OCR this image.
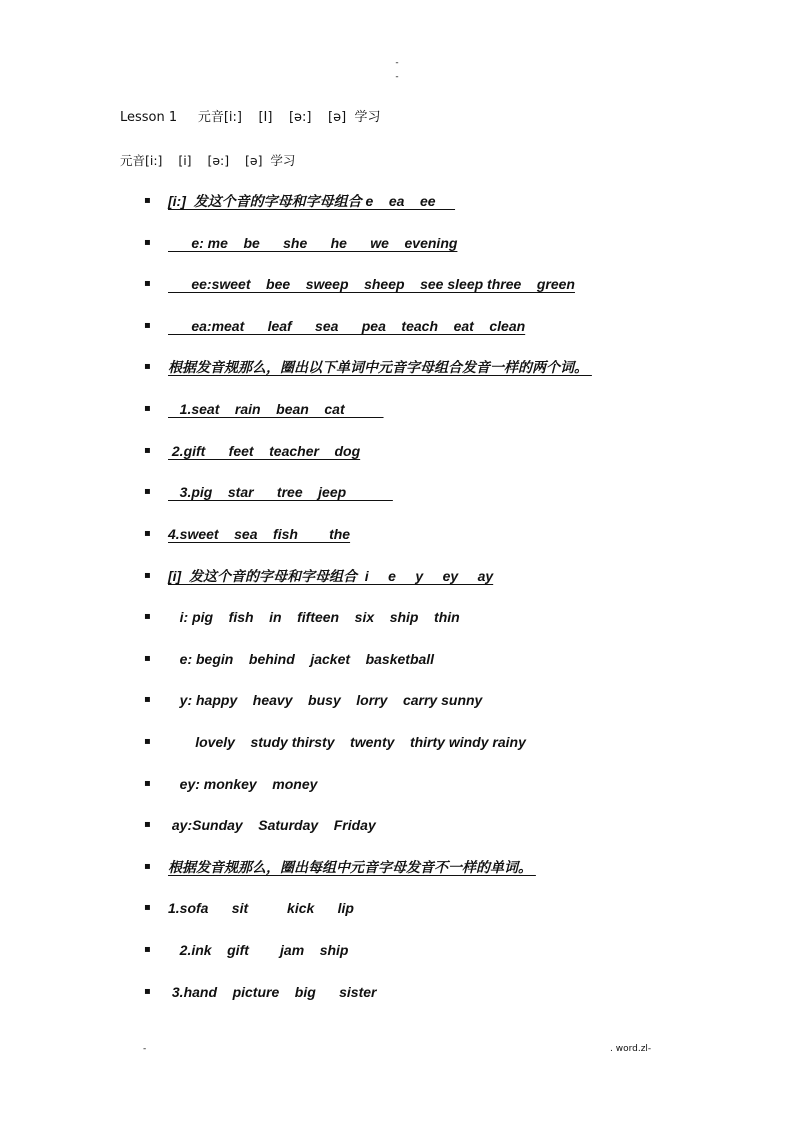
-
-
Lesson 1     元音[i:]    [I]    [ə:]    [ə]  学习
元音[i:]    [i]    [ə:]    [ə]  学习
▪	[i:]  发这个音的字母和字母组合 e    ea    ee
▪	e: me    be      she      he      we    evening
▪	ee:sweet    bee    sweep    sheep    see sleep three    green
▪	ea:meat      leaf      sea      pea    teach    eat    clean
▪	根据发音规那么，圈出以下单词中元音字母组合发音一样的两个词。
▪	1.seat    rain    bean    cat
▪	2.gift      feet    teacher    dog
▪	3.pig    star      tree    jeep
▪	4.sweet    sea    fish        the
▪	[i]  发这个音的字母和字母组合  i     e     y     ey     ay
▪	i: pig    fish    in    fifteen    six    ship    thin
▪	e: begin    behind    jacket    basketball
▪	y: happy    heavy    busy    lorry    carry sunny
▪	lovely    study thirsty    twenty    thirty windy rainy
▪	ey: monkey    money
▪	ay:Sunday    Saturday    Friday
▪	根据发音规那么，圈出每组中元音字母发音不一样的单词。
▪	1.sofa      sit          kick      lip
▪	2.ink    gift        jam    ship
▪	3.hand    picture    big      sister
-	. word.zl-
